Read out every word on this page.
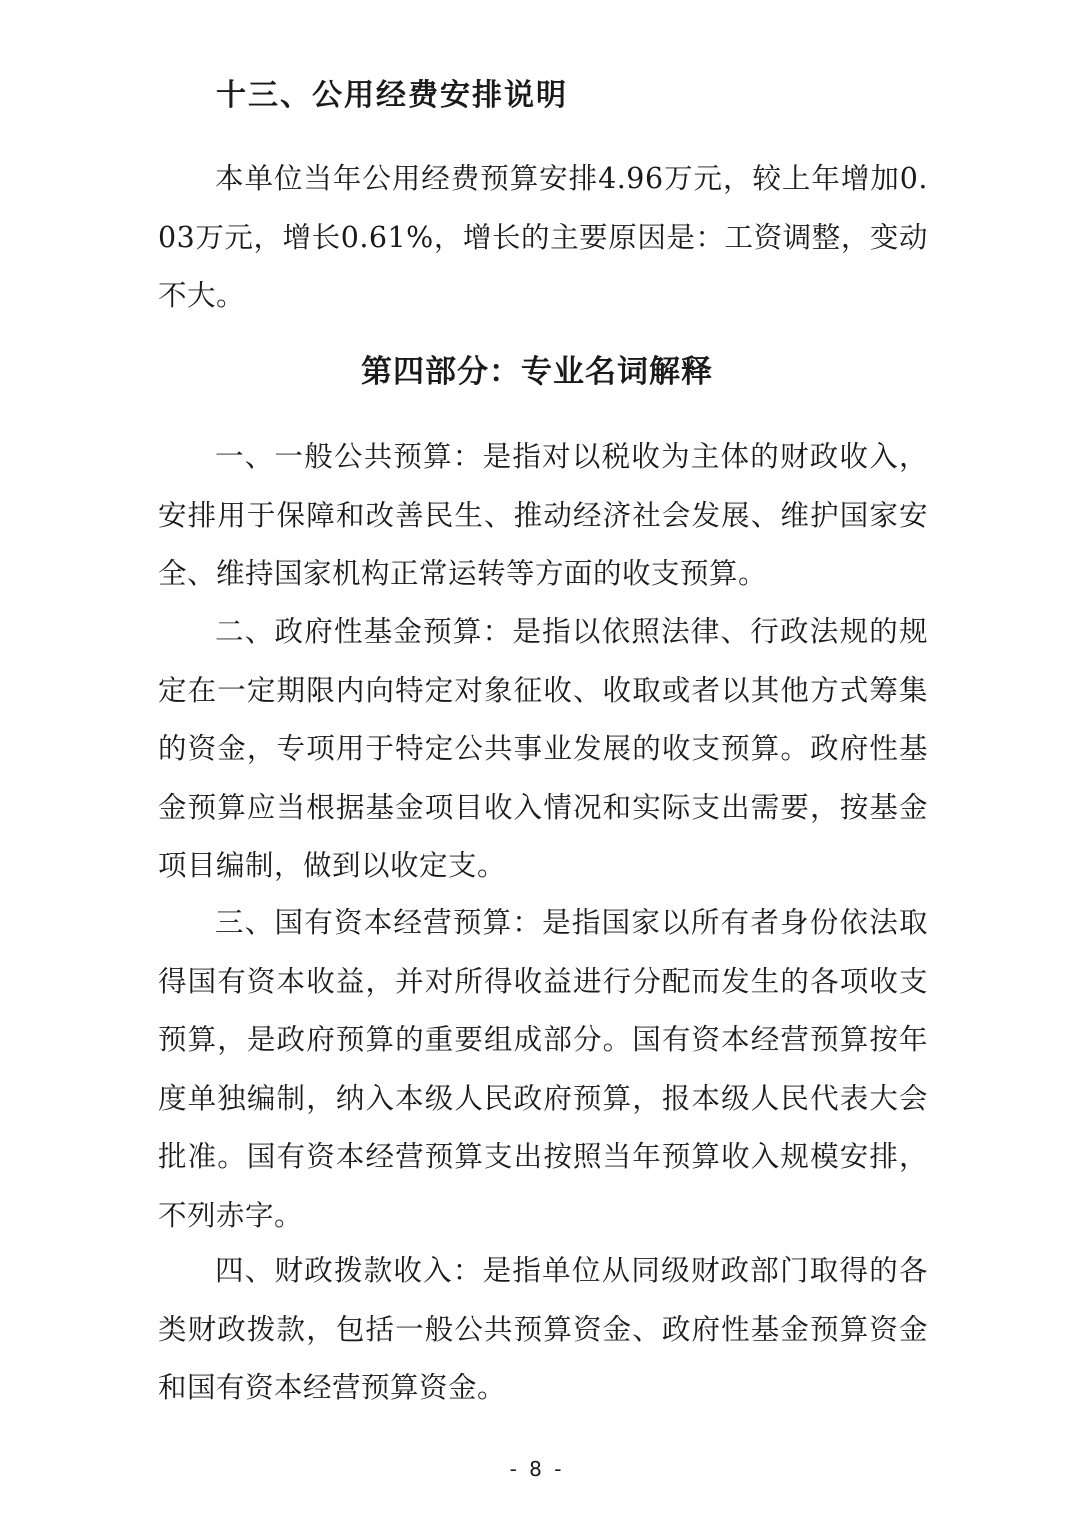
十三、公用经费安排说明

本单位当年公用经费预算安排4.96万元，较上年增加0.03万元，增长0.61%，增长的主要原因是：工资调整，变动不大。

第四部分：专业名词解释

一、一般公共预算：是指对以税收为主体的财政收入，安排用于保障和改善民生、推动经济社会发展、维护国家安全、维持国家机构正常运转等方面的收支预算。

二、政府性基金预算：是指以依照法律、行政法规的规定在一定期限内向特定对象征收、收取或者以其他方式筹集的资金，专项用于特定公共事业发展的收支预算。政府性基金预算应当根据基金项目收入情况和实际支出需要，按基金项目编制，做到以收定支。

三、国有资本经营预算：是指国家以所有者身份依法取得国有资本收益，并对所得收益进行分配而发生的各项收支预算，是政府预算的重要组成部分。国有资本经营预算按年度单独编制，纳入本级人民政府预算，报本级人民代表大会批准。国有资本经营预算支出按照当年预算收入规模安排，不列赤字。

四、财政拨款收入：是指单位从同级财政部门取得的各类财政拨款，包括一般公共预算资金、政府性基金预算资金和国有资本经营预算资金。

- 8 -
